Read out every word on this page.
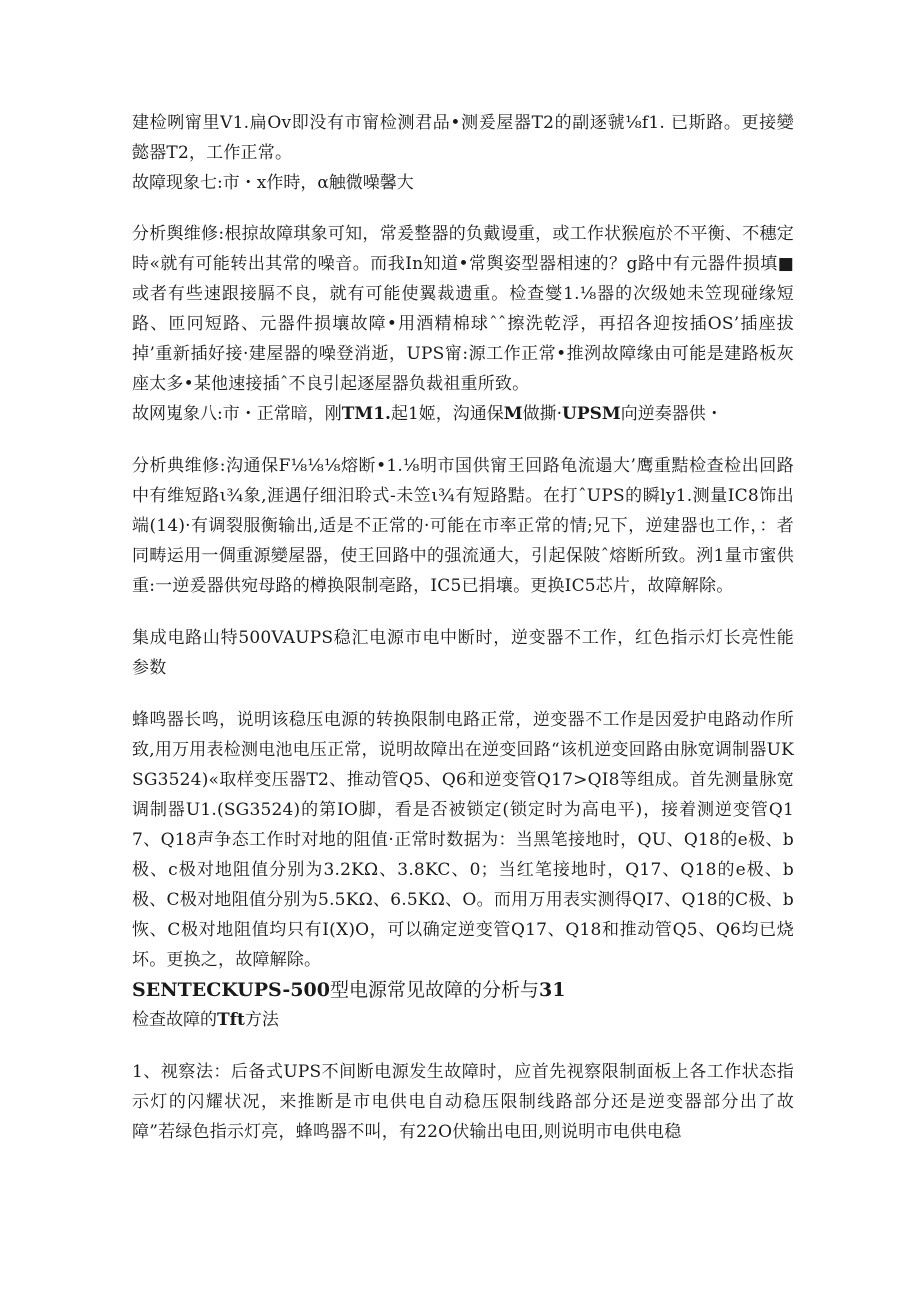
建检咧甯里V1.扁Ov即没有市甯检测君品•测爰屋器T2的副逐虢⅛f1. 已斯路。更接變懿器T2，工作正常。

故障现象七:市・x作時，α触微噪馨大

分析舆维修:根掠故障琪象可知，常爰整器的负戴谩重，或工作状猴庖於不平衡、不穗定時«就有可能转出其常的噪音。而我In知道•常舆姿型器相速的？g路中有元器件损填■或者有些速跟接膈不良，就有可能使翼裁遗重。检查燮1.⅛器的次级她未笠现碰缘短路、匝冋短路、元器件损壤故障•用酒精棉球ˆˆ擦洗乾浮，再招各迎按插OS’插座拔掉’重新插好接·建屋器的噪登消逝，UPS甯:源工作正常•推洌故障缘由可能是建路板灰座太多•某他速接插ˆ不良引起逐屋器负裁祖重所致。

故网嵬象八:市・正常暗，刚TM1.起1姬，沟通保M做撕·UPSM向逆奏器供・

分析典维修:沟通保F⅛⅛⅛熔断•1.⅛明市国供甯王回路龟流遢大’鹰重黠检查检出回路中有维短路ι¾象,涯遇仔细汨聆式-未笠ι¾有短路黠。在打ˆUPS的瞬ly1.测量IC8饰出端(14)·有调裂服衡输出,适是不正常的·可能在市率正常的情;兄下，逆建器也工作，：者同畴运用一倜重源變屋器，使王回路中的强流通大，引起保陂ˆ熔断所致。洌1量市蜜供重:一逆爰器供宛母路的樽换限制亳路，IC5已捐壤。更换IC5芯片，故障解除。

集成电路山特500VAUPS稳汇电源市电中断时，逆变器不工作，红色指示灯长亮性能参数

蜂鸣器长鸣，说明该稳压电源的转换限制电路正常，逆变器不工作是因爱护电路动作所致,用万用表检测电池电压正常，说明故障出在逆变回路“该机逆变回路由脉宽调制器UKSG3524)«取样变压器T2、推动管Q5、Q6和逆变管Q17>QI8等组成。首先测量脉宽调制器U1.(SG3524)的第IO脚，看是否被锁定(锁定时为高电平)，接着测逆变管Q17、Q18声争态工作时对地的阻值·正常时数据为：当黑笔接地时，QU、Q18的e极、b极、c极对地阻值分别为3.2KΩ、3.8KC、0；当红笔接地时，Q17、Q18的e极、b极、C极对地阻值分别为5.5KΩ、6.5KΩ、O。而用万用表实测得QI7、Q18的C极、b恢、C极对地阻值均只有I(X)O，可以确定逆变管Q17、Q18和推动管Q5、Q6均已烧坏。更换之，故障解除。

SENTECKUPS-500型电源常见故障的分析与31

检查故障的Tft方法

1、视察法：后备式UPS不间断电源发生故障时，应首先视察限制面板上各工作状态指示灯的闪耀状况，来推断是市电供电自动稳压限制线路部分还是逆变器部分出了故障”若绿色指示灯亮，蜂鸣器不叫，有22O伏输出电田,则说明市电供电稳
